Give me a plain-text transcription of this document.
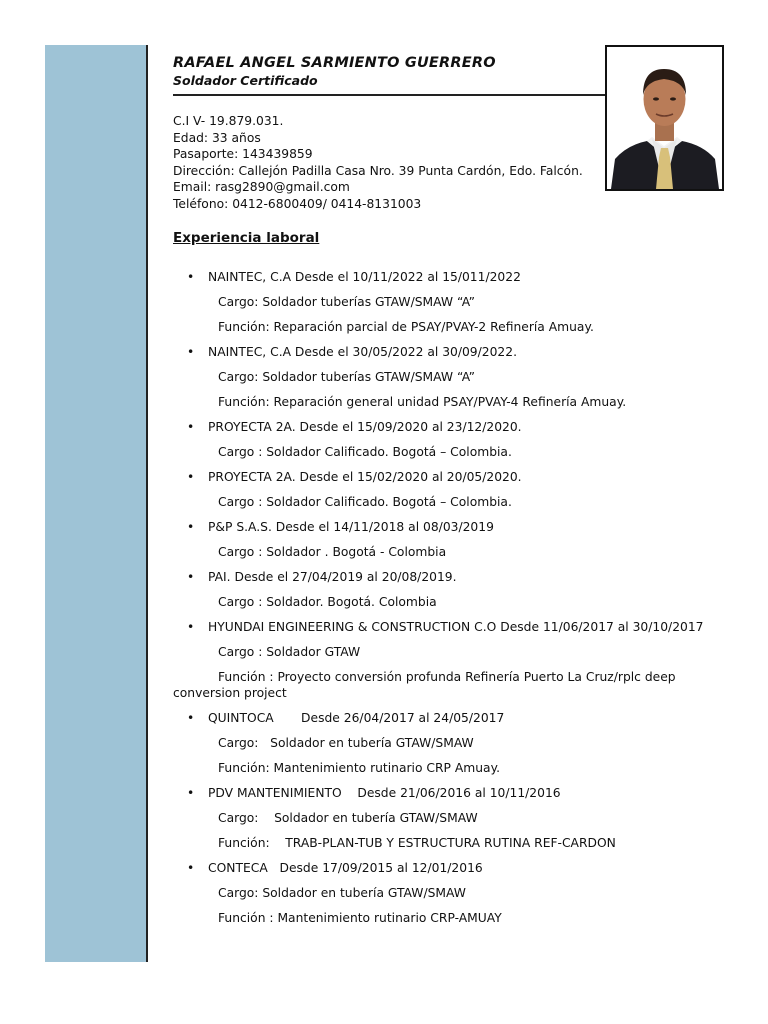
RAFAEL ANGEL SARMIENTO GUERRERO
Soldador Certificado
C.I V- 19.879.031.
Edad: 33 años
Pasaporte: 143439859
Dirección: Callejón Padilla Casa Nro. 39 Punta Cardón, Edo. Falcón.
Email: rasg2890@gmail.com
Teléfono: 0412-6800409/ 0414-8131003
Experiencia laboral
• NAINTEC, C.A Desde el 10/11/2022 al 15/011/2022
Cargo: Soldador tuberías GTAW/SMAW “A”
Función: Reparación parcial de PSAY/PVAY-2 Refinería Amuay.
• NAINTEC, C.A Desde el 30/05/2022 al 30/09/2022.
Cargo: Soldador tuberías GTAW/SMAW “A”
Función: Reparación general unidad PSAY/PVAY-4 Refinería Amuay.
• PROYECTA 2A. Desde el 15/09/2020 al 23/12/2020.
Cargo : Soldador Calificado. Bogotá – Colombia.
• PROYECTA 2A. Desde el 15/02/2020 al 20/05/2020.
Cargo : Soldador Calificado. Bogotá – Colombia.
• P&P S.A.S. Desde el 14/11/2018 al 08/03/2019
Cargo : Soldador . Bogotá - Colombia
• PAI. Desde el 27/04/2019 al 20/08/2019.
Cargo : Soldador. Bogotá. Colombia
• HYUNDAI ENGINEERING & CONSTRUCTION C.O Desde 11/06/2017 al 30/10/2017
Cargo : Soldador GTAW
Función : Proyecto conversión profunda Refinería Puerto La Cruz/rplc deep conversion project
• QUINTOCA       Desde 26/04/2017 al 24/05/2017
Cargo:   Soldador en tubería GTAW/SMAW
Función: Mantenimiento rutinario CRP Amuay.
• PDV MANTENIMIENTO    Desde 21/06/2016 al 10/11/2016
Cargo:    Soldador en tubería GTAW/SMAW
Función:    TRAB-PLAN-TUB Y ESTRUCTURA RUTINA REF-CARDON
• CONTECA   Desde 17/09/2015 al 12/01/2016
Cargo: Soldador en tubería GTAW/SMAW
Función : Mantenimiento rutinario CRP-AMUAY
